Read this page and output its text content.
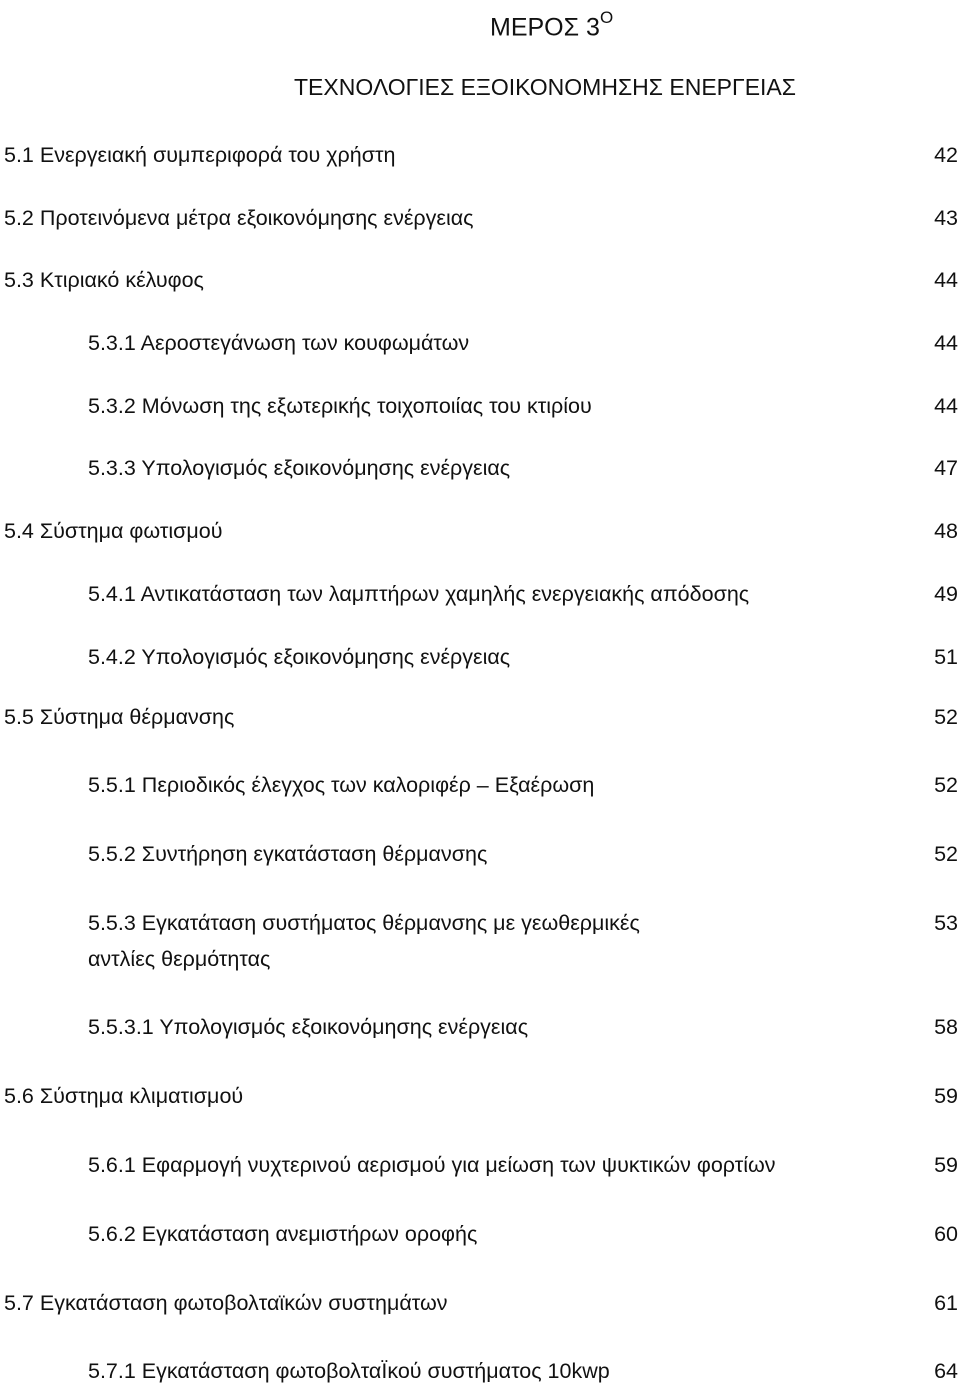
ΜΕΡΟΣ $3^O$
ΤΕΧΝΟΛΟΓΙΕΣ ΕΞΟΙΚΟΝΟΜΗΣΗΣ ΕΝΕΡΓΕΙΑΣ
5.1 Ενεργειακή συμπεριφορά του χρήστη	42
5.2 Προτεινόμενα μέτρα εξοικονόμησης ενέργειας	43
5.3 Κτιριακό κέλυφος	44
5.3.1 Αεροστεγάνωση των κουφωμάτων	44
5.3.2 Μόνωση της εξωτερικής τοιχοποιίας του κτιρίου	44
5.3.3 Υπολογισμός εξοικονόμησης ενέργειας	47
5.4 Σύστημα φωτισμού	48
5.4.1 Αντικατάσταση των λαμπτήρων χαμηλής ενεργειακής απόδοσης	49
5.4.2 Υπολογισμός εξοικονόμησης ενέργειας	51
5.5 Σύστημα θέρμανσης	52
5.5.1 Περιοδικός έλεγχος των καλοριφέρ – Εξαέρωση	52
5.5.2 Συντήρηση εγκατάσταση θέρμανσης	52
5.5.3 Εγκατάταση συστήματος θέρμανσης με γεωθερμικές	53
αντλίες θερμότητας
5.5.3.1 Υπολογισμός εξοικονόμησης ενέργειας	58
5.6 Σύστημα κλιματισμού	59
5.6.1 Εφαρμογή νυχτερινού αερισμού για μείωση των ψυκτικών φορτίων	59
5.6.2 Εγκατάσταση ανεμιστήρων οροφής	60
5.7 Εγκατάσταση φωτοβολταϊκών συστημάτων	61
5.7.1 Εγκατάσταση φωτοβολταΪκού συστήματος 10kwp	64
